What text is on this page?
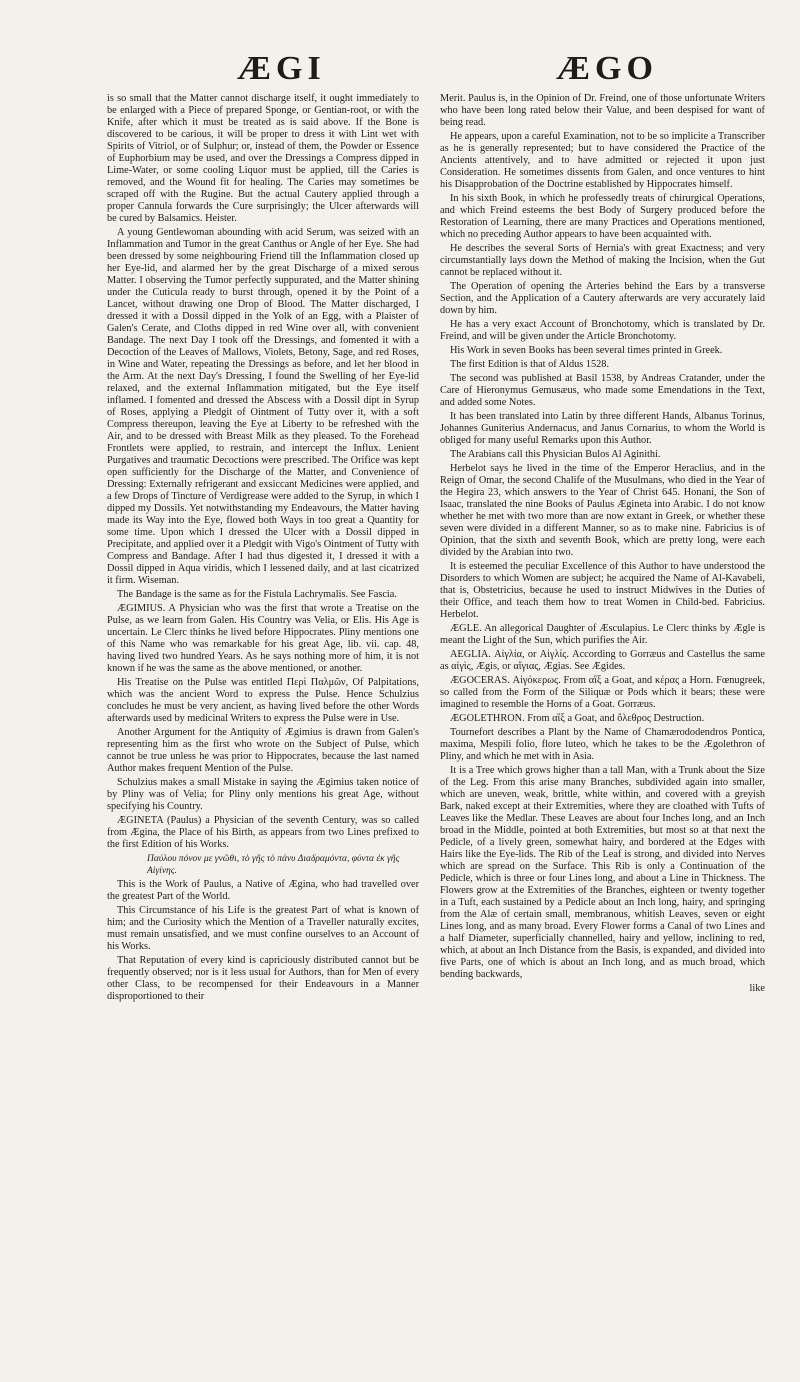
ÆGI	ÆGO

is so small that the Matter cannot discharge itself, it ought immediately to be enlarged with a Piece of prepared Sponge, or Gentian-root, or with the Knife, after which it must be treated as is said above. If the Bone is discovered to be carious, it will be proper to dress it with Lint wet with Spirits of Vitriol, or of Sulphur; or, instead of them, the Powder or Essence of Euphorbium may be used, and over the Dressings a Compress dipped in Lime-Water, or some cooling Liquor must be applied, till the Caries is removed, and the Wound fit for healing. The Caries may sometimes be scraped off with the Rugine. But the actual Cautery applied through a proper Cannula forwards the Cure surprisingly; the Ulcer afterwards will be cured by Balsamics. Heister.

A young Gentlewoman abounding with acid Serum, was seized with an Inflammation and Tumor in the great Canthus or Angle of her Eye. She had been dressed by some neighbouring Friend till the Inflammation closed up her Eye-lid, and alarmed her by the great Discharge of a mixed serous Matter. I observing the Tumor perfectly suppurated, and the Matter shining under the Cuticula ready to burst through, opened it by the Point of a Lancet, without drawing one Drop of Blood. The Matter discharged, I dressed it with a Dossil dipped in the Yolk of an Egg, with a Plaister of Galen's Cerate, and Cloths dipped in red Wine over all, with convenient Bandage. The next Day I took off the Dressings, and fomented it with a Decoction of the Leaves of Mallows, Violets, Betony, Sage, and red Roses, in Wine and Water, repeating the Dressings as before, and let her blood in the Arm. At the next Day's Dressing, I found the Swelling of her Eye-lid relaxed, and the external Inflammation mitigated, but the Eye itself inflamed. I fomented and dressed the Abscess with a Dossil dipt in Syrup of Roses, applying a Pledgit of Ointment of Tutty over it, with a soft Compress thereupon, leaving the Eye at Liberty to be refreshed with the Air, and to be dressed with Breast Milk as they pleased. To the Forehead Frontlets were applied, to restrain, and intercept the Influx. Lenient Purgatives and traumatic Decoctions were prescribed. The Orifice was kept open sufficiently for the Discharge of the Matter, and Convenience of Dressing: Externally refrigerant and exsiccant Medicines were applied, and a few Drops of Tincture of Verdigrease were added to the Syrup, in which I dipped my Dossils. Yet notwithstanding my Endeavours, the Matter having made its Way into the Eye, flowed both Ways in too great a Quantity for some time. Upon which I dressed the Ulcer with a Dossil dipped in Precipitate, and applied over it a Pledgit with Vigo's Ointment of Tutty with Compress and Bandage. After I had thus digested it, I dressed it with a Dossil dipped in Aqua viridis, which I lessened daily, and at last cicatrized it firm. Wiseman.

The Bandage is the same as for the Fistula Lachrymalis. See Fascia.

ÆGIMIUS. A Physician who was the first that wrote a Treatise on the Pulse, as we learn from Galen. His Country was Velia, or Elis. His Age is uncertain. Le Clerc thinks he lived before Hippocrates. Pliny mentions one of this Name who was remarkable for his great Age, lib. vii. cap. 48, having lived two hundred Years. As he says nothing more of him, it is not known if he was the same as the above mentioned, or another.

His Treatise on the Pulse was entitled Περὶ Παλμῶν, Of Palpitations, which was the ancient Word to express the Pulse. Hence Schulzius concludes he must be very ancient, as having lived before the other Words afterwards used by medicinal Writers to express the Pulse were in Use.

Another Argument for the Antiquity of Ægimius is drawn from Galen's representing him as the first who wrote on the Subject of Pulse, which cannot be true unless he was prior to Hippocrates, because the last named Author makes frequent Mention of the Pulse.

Schulzius makes a small Mistake in saying the Ægimius taken notice of by Pliny was of Velia; for Pliny only mentions his great Age, without specifying his Country.

ÆGINETA (Paulus) a Physician of the seventh Century, was so called from Ægina, the Place of his Birth, as appears from two Lines prefixed to the first Edition of his Works.

Παύλου πόνον με γνῶθι, τὸ γῆς τὸ πάνυ Διαδραμόντα, φύντα ἐκ γῆς Αἰγίνης.

This is the Work of Paulus, a Native of Ægina, who had travelled over the greatest Part of the World.

This Circumstance of his Life is the greatest Part of what is known of him; and the Curiosity which the Mention of a Traveller naturally excites, must remain unsatisfied, and we must confine ourselves to an Account of his Works.

That Reputation of every kind is capriciously distributed cannot but be frequently observed; nor is it less usual for Authors, than for Men of every other Class, to be recompensed for their Endeavours in a Manner disproportioned to their

Merit. Paulus is, in the Opinion of Dr. Freind, one of those unfortunate Writers who have been long rated below their Value, and been despised for want of being read.

He appears, upon a careful Examination, not to be so implicite a Transcriber as he is generally represented; but to have considered the Practice of the Ancients attentively, and to have admitted or rejected it upon just Consideration. He sometimes dissents from Galen, and once ventures to hint his Disapprobation of the Doctrine established by Hippocrates himself.

In his sixth Book, in which he professedly treats of chirurgical Operations, and which Freind esteems the best Body of Surgery produced before the Restoration of Learning, there are many Practices and Operations mentioned, which no preceding Author appears to have been acquainted with.

He describes the several Sorts of Hernia's with great Exactness; and very circumstantially lays down the Method of making the Incision, when the Gut cannot be replaced without it.

The Operation of opening the Arteries behind the Ears by a transverse Section, and the Application of a Cautery afterwards are very accurately laid down by him.

He has a very exact Account of Bronchotomy, which is translated by Dr. Freind, and will be given under the Article Bronchotomy.

His Work in seven Books has been several times printed in Greek.

The first Edition is that of Aldus 1528.

The second was published at Basil 1538, by Andreas Cratander, under the Care of Hieronymus Gemusæus, who made some Emendations in the Text, and added some Notes.

It has been translated into Latin by three different Hands, Albanus Torinus, Johannes Guniterius Andernacus, and Janus Cornarius, to whom the World is obliged for many useful Remarks upon this Author.

The Arabians call this Physician Bulos Al Aginithi.

Herbelot says he lived in the time of the Emperor Heraclius, and in the Reign of Omar, the second Chalife of the Musulmans, who died in the Year of the Hegira 23, which answers to the Year of Christ 645. Honani, the Son of Isaac, translated the nine Books of Paulus Ægineta into Arabic. I do not know whether he met with two more than are now extant in Greek, or whether these seven were divided in a different Manner, so as to make nine. Fabricius is of Opinion, that the sixth and seventh Book, which are pretty long, were each divided by the Arabian into two.

It is esteemed the peculiar Excellence of this Author to have understood the Disorders to which Women are subject; he acquired the Name of Al-Kavabeli, that is, Obstetricius, because he used to instruct Midwives in the Duties of their Office, and teach them how to treat Women in Child-bed. Fabricius. Herbelot.

ÆGLE. An allegorical Daughter of Æsculapius. Le Clerc thinks by Ægle is meant the Light of the Sun, which purifies the Air.

AEGLIA. Αἰγλία, or Αἰγλίς. According to Gorræus and Castellus the same as αἰγὶς, Ægis, or αἴγιας, Ægias. See Ægides.

ÆGOCERAS. Αἰγόκερως. From αἲξ a Goat, and κέρας a Horn. Fœnugreek, so called from the Form of the Siliquæ or Pods which it bears; these were imagined to resemble the Horns of a Goat. Gorræus.

ÆGOLETHRON. From αἲξ a Goat, and ὄλεθρος Destruction.

Tournefort describes a Plant by the Name of Chamærododendros Pontica, maxima, Mespili folio, flore luteo, which he takes to be the Ægolethron of Pliny, and which he met with in Asia.

It is a Tree which grows higher than a tall Man, with a Trunk about the Size of the Leg. From this arise many Branches, subdivided again into smaller, which are uneven, weak, brittle, white within, and covered with a greyish Bark, naked except at their Extremities, where they are cloathed with Tufts of Leaves like the Medlar. These Leaves are about four Inches long, and an Inch broad in the Middle, pointed at both Extremities, but most so at that next the Pedicle, of a lively green, somewhat hairy, and bordered at the Edges with Hairs like the Eye-lids. The Rib of the Leaf is strong, and divided into Nerves which are spread on the Surface. This Rib is only a Continuation of the Pedicle, which is three or four Lines long, and about a Line in Thickness. The Flowers grow at the Extremities of the Branches, eighteen or twenty together in a Tuft, each sustained by a Pedicle about an Inch long, hairy, and springing from the Alæ of certain small, membranous, whitish Leaves, seven or eight Lines long, and as many broad. Every Flower forms a Canal of two Lines and a half Diameter, superficially channelled, hairy and yellow, inclining to red, which, at about an Inch Distance from the Basis, is expanded, and divided into five Parts, one of which is about an Inch long, and as much broad, which bending backwards,

like
